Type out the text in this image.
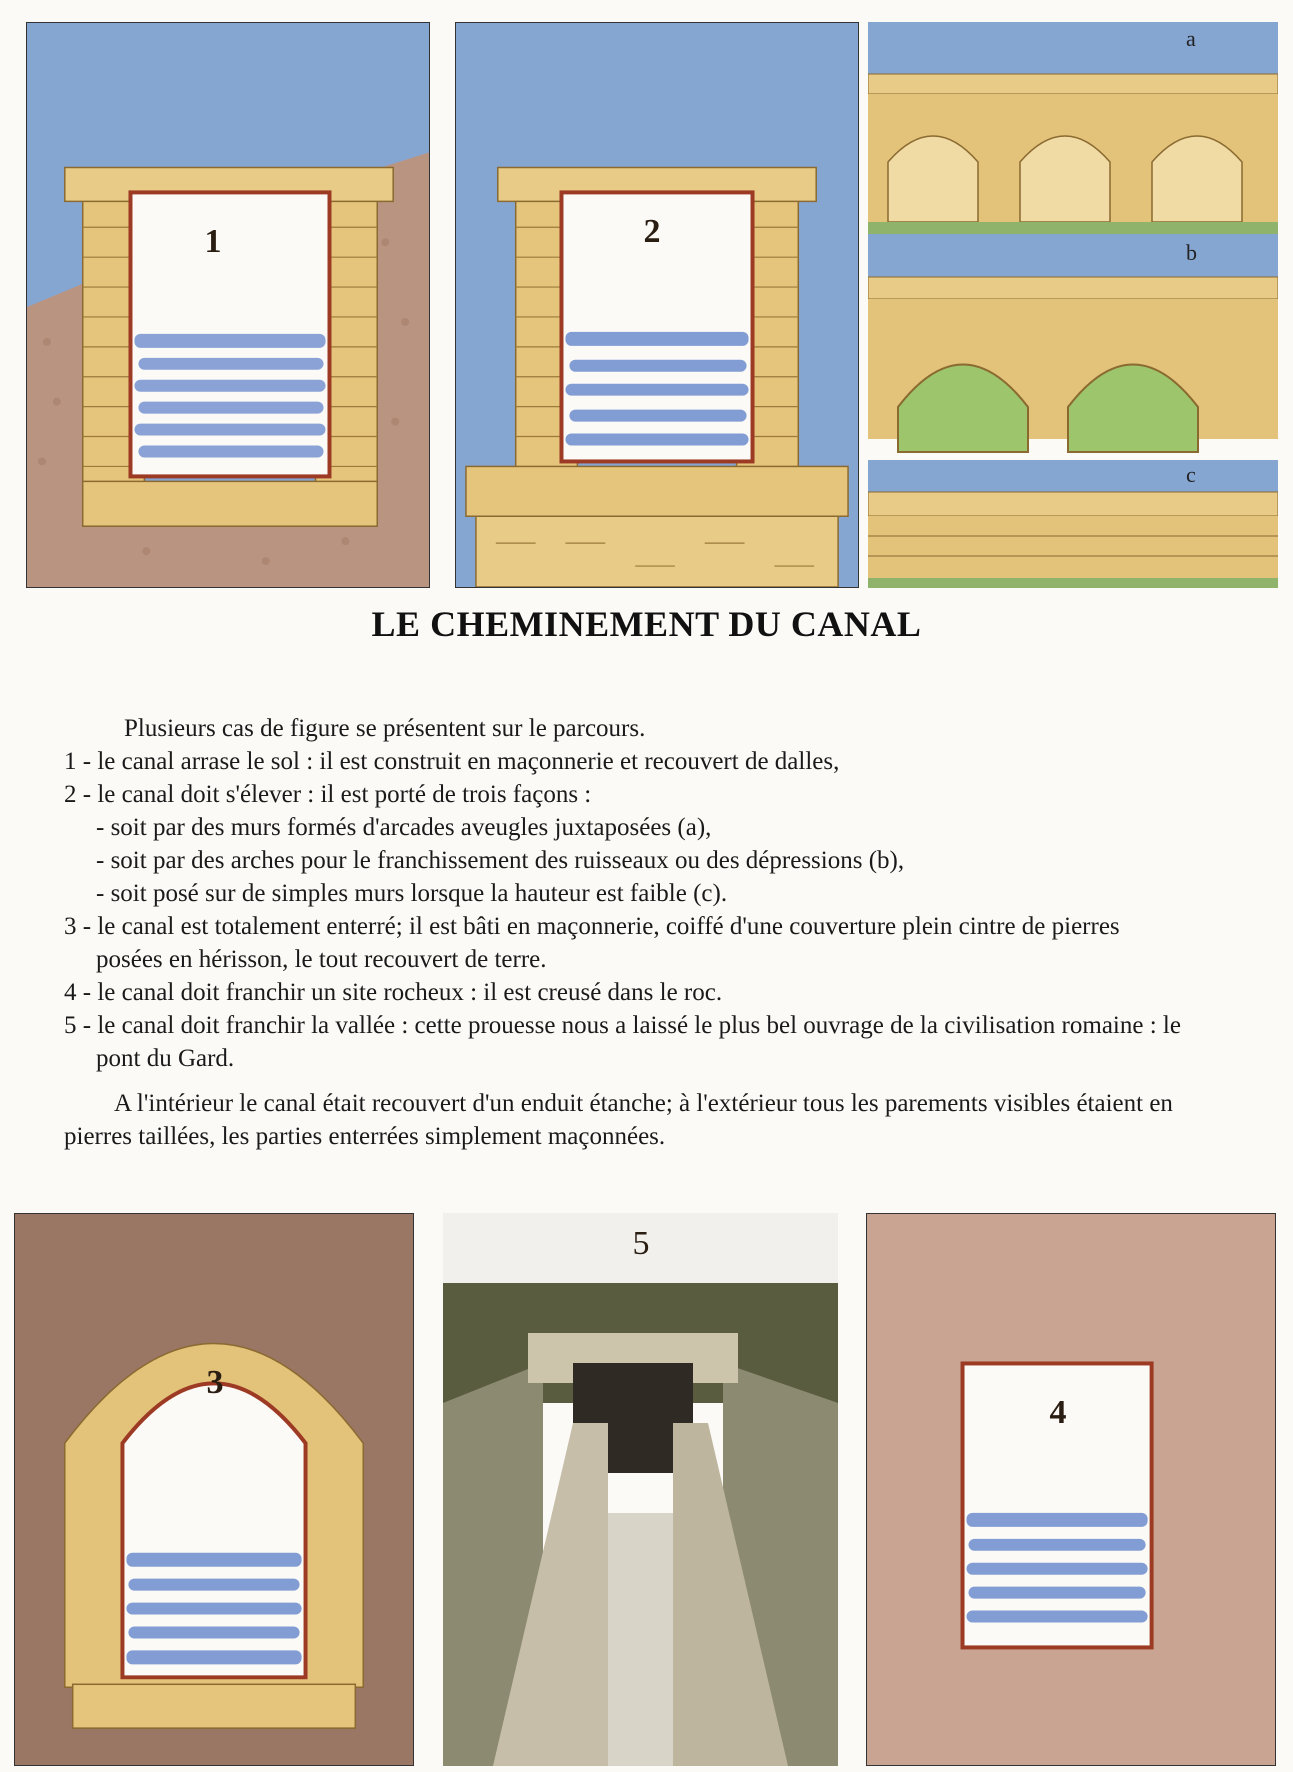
1	2
a
b
c
LE CHEMINEMENT DU CANAL

Plusieurs cas de figure se présentent sur le parcours.

1 - le canal arrase le sol : il est construit en maçonnerie et recouvert de dalles,

2 - le canal doit s'élever : il est porté de trois façons :

- soit par des murs formés d'arcades aveugles juxtaposées (a),

- soit par des arches pour le franchissement des ruisseaux ou des dépressions (b),

- soit posé sur de simples murs lorsque la hauteur est faible (c).

3 - le canal est totalement enterré; il est bâti en maçonnerie, coiffé d'une couverture plein cintre de pierres posées en hérisson, le tout recouvert de terre.

4 - le canal doit franchir un site rocheux : il est creusé dans le roc.

5 - le canal doit franchir la vallée : cette prouesse nous a laissé le plus bel ouvrage de la civilisation romaine : le pont du Gard.

A l'intérieur le canal était recouvert d'un enduit étanche; à l'extérieur tous les parements visibles étaient en pierres taillées, les parties enterrées simplement maçonnées.

3
5
4
